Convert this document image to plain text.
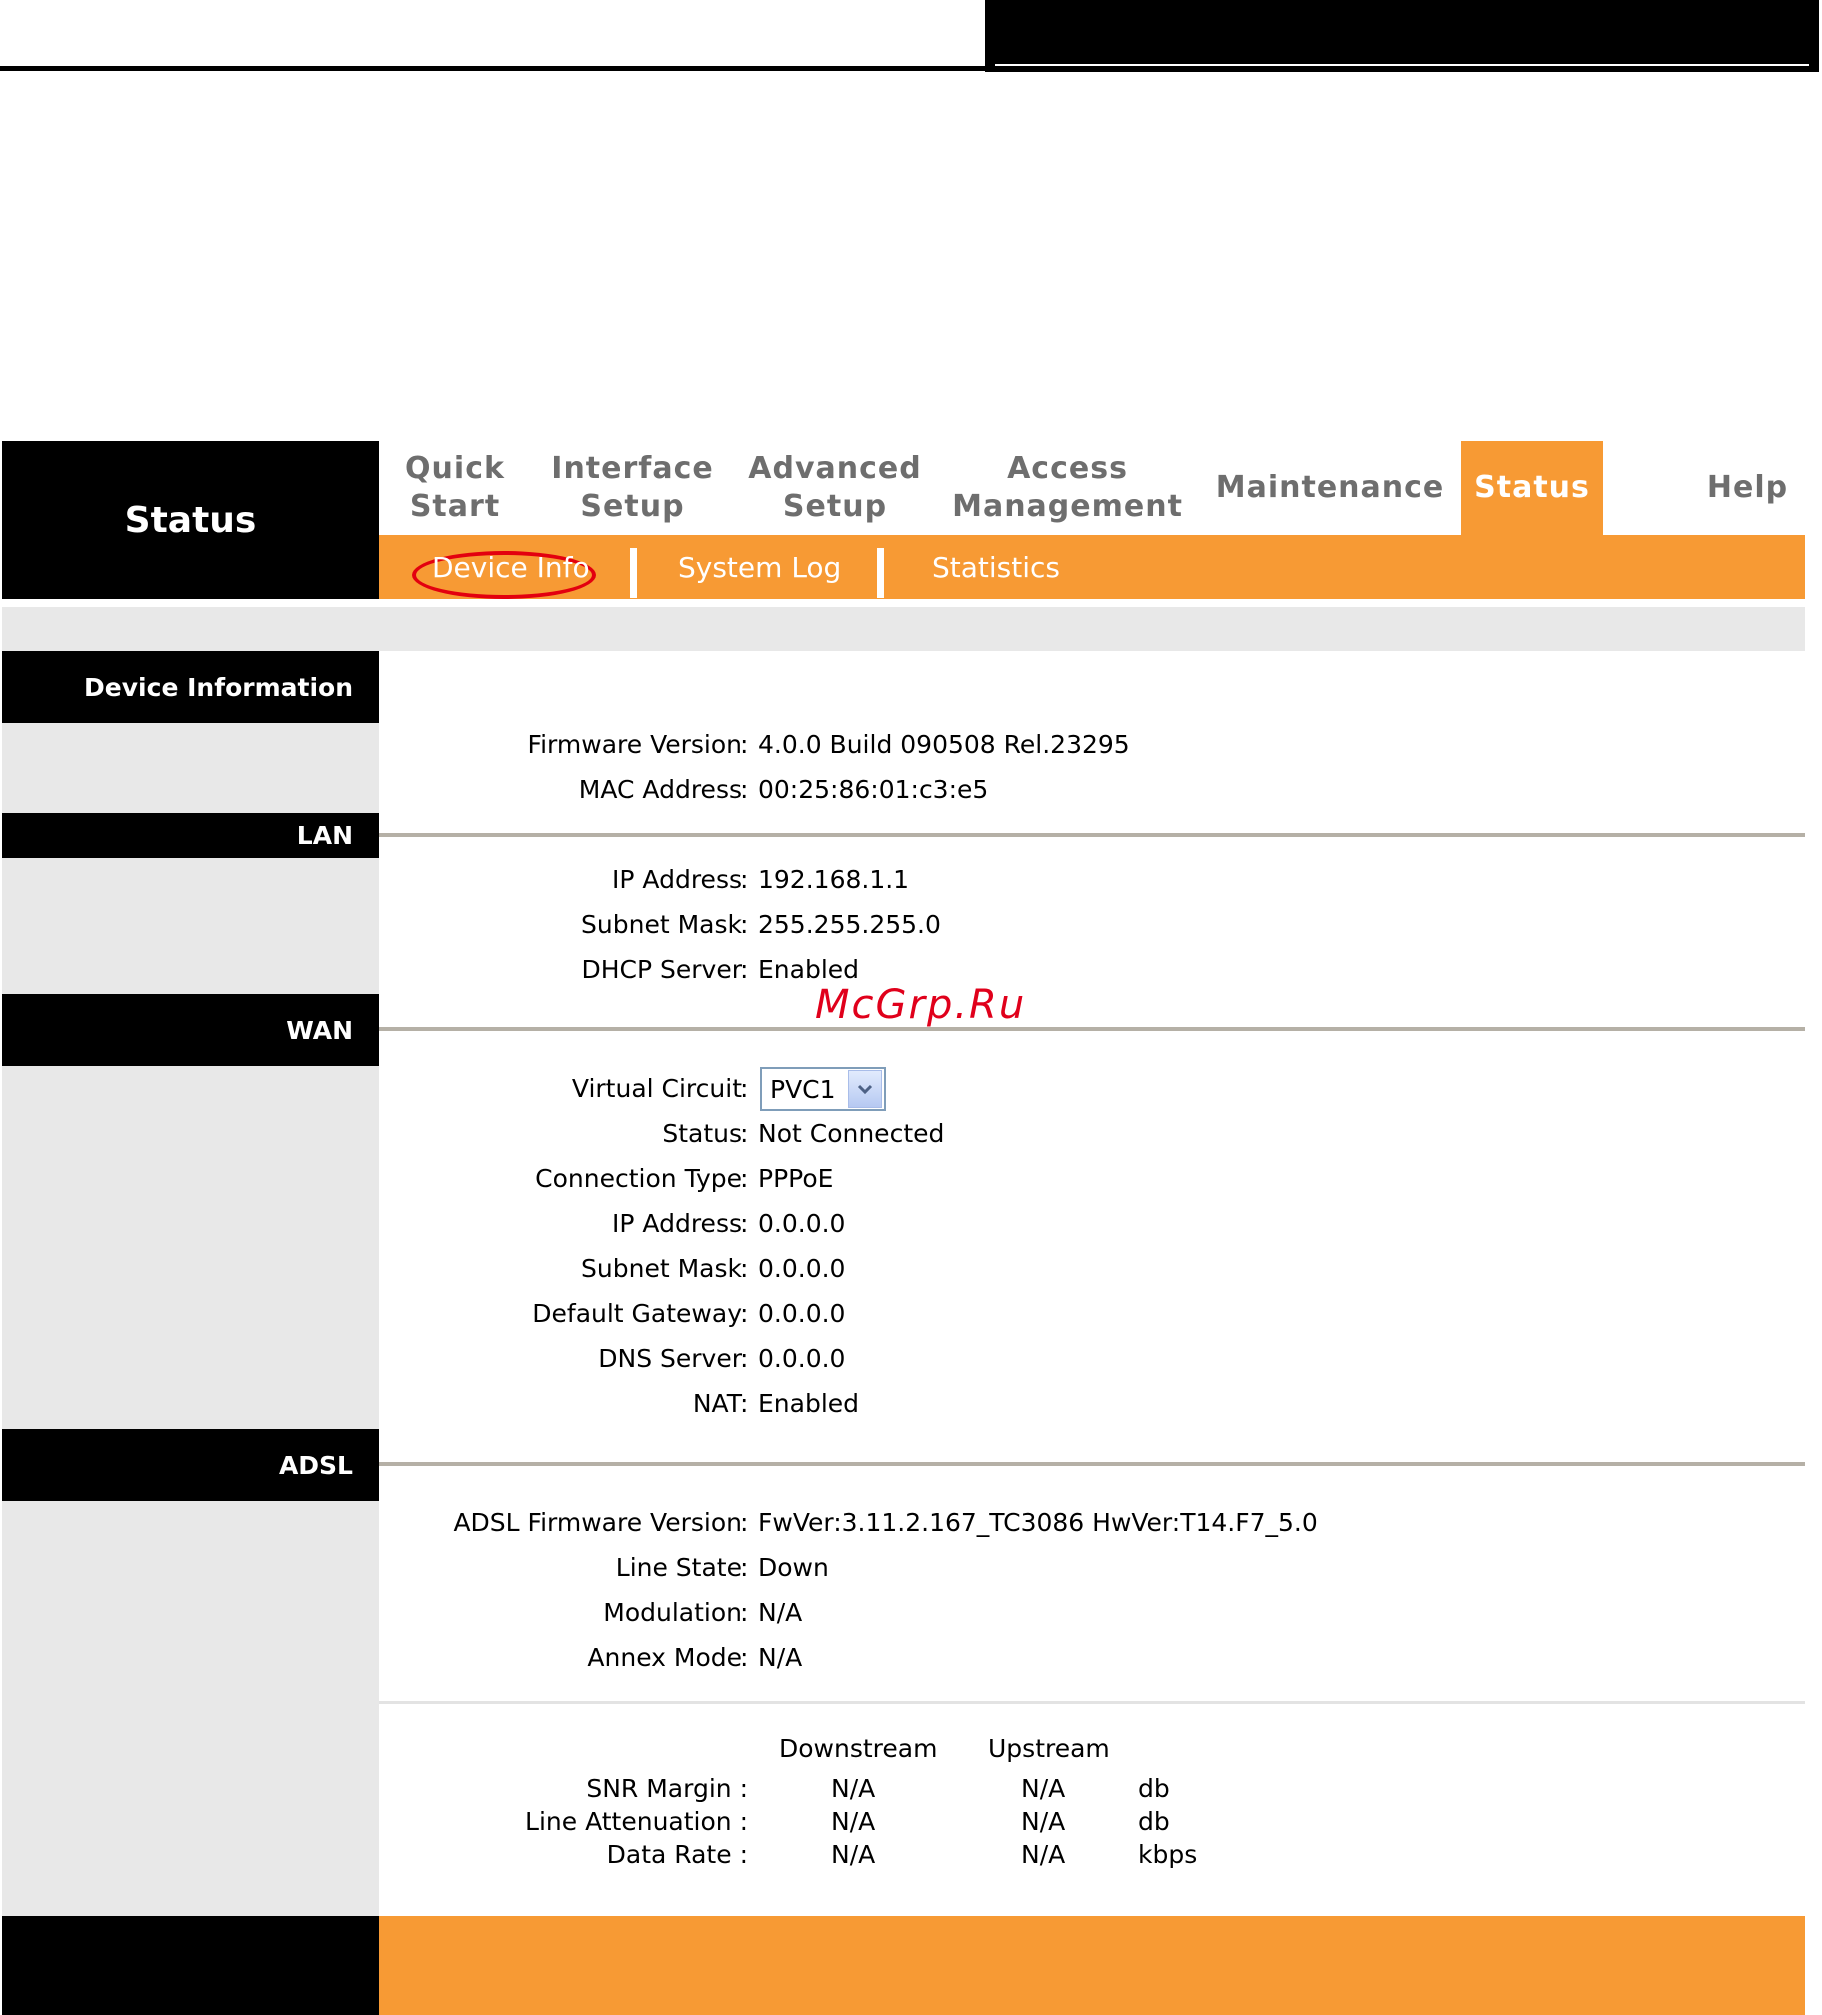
Status
Quick
Start
Interface
Setup
Advanced
Setup
Access
Management
Maintenance Status	Help
Device Info	System Log	Statistics
Device Information
Firmware Version
: 4.0.0 Build 090508 Rel.23295
MAC Address
: 00:25:86:01:c3:e5
LAN
IP Address
: 192.168.1.1
Subnet Mask
: 255.255.255.0
DHCP Server
: Enabled
WAN
McGrp.Ru
Virtual Circuit
: PVC1
Status
: Not Connected
Connection Type
: PPPoE
IP Address
: 0.0.0.0
Subnet Mask
: 0.0.0.0
Default Gateway
: 0.0.0.0
DNS Server
: 0.0.0.0
NAT
: Enabled
ADSL
ADSL Firmware Version
: FwVer:3.11.2.167_TC3086 HwVer:T14.F7_5.0
Line State
: Down
Modulation
: N/A
Annex Mode
: N/A
Downstream Upstream
SNR Margin :	N/A	N/A	db
Line Attenuation :	N/A	N/A	db
Data Rate :	N/A	N/A	kbps
